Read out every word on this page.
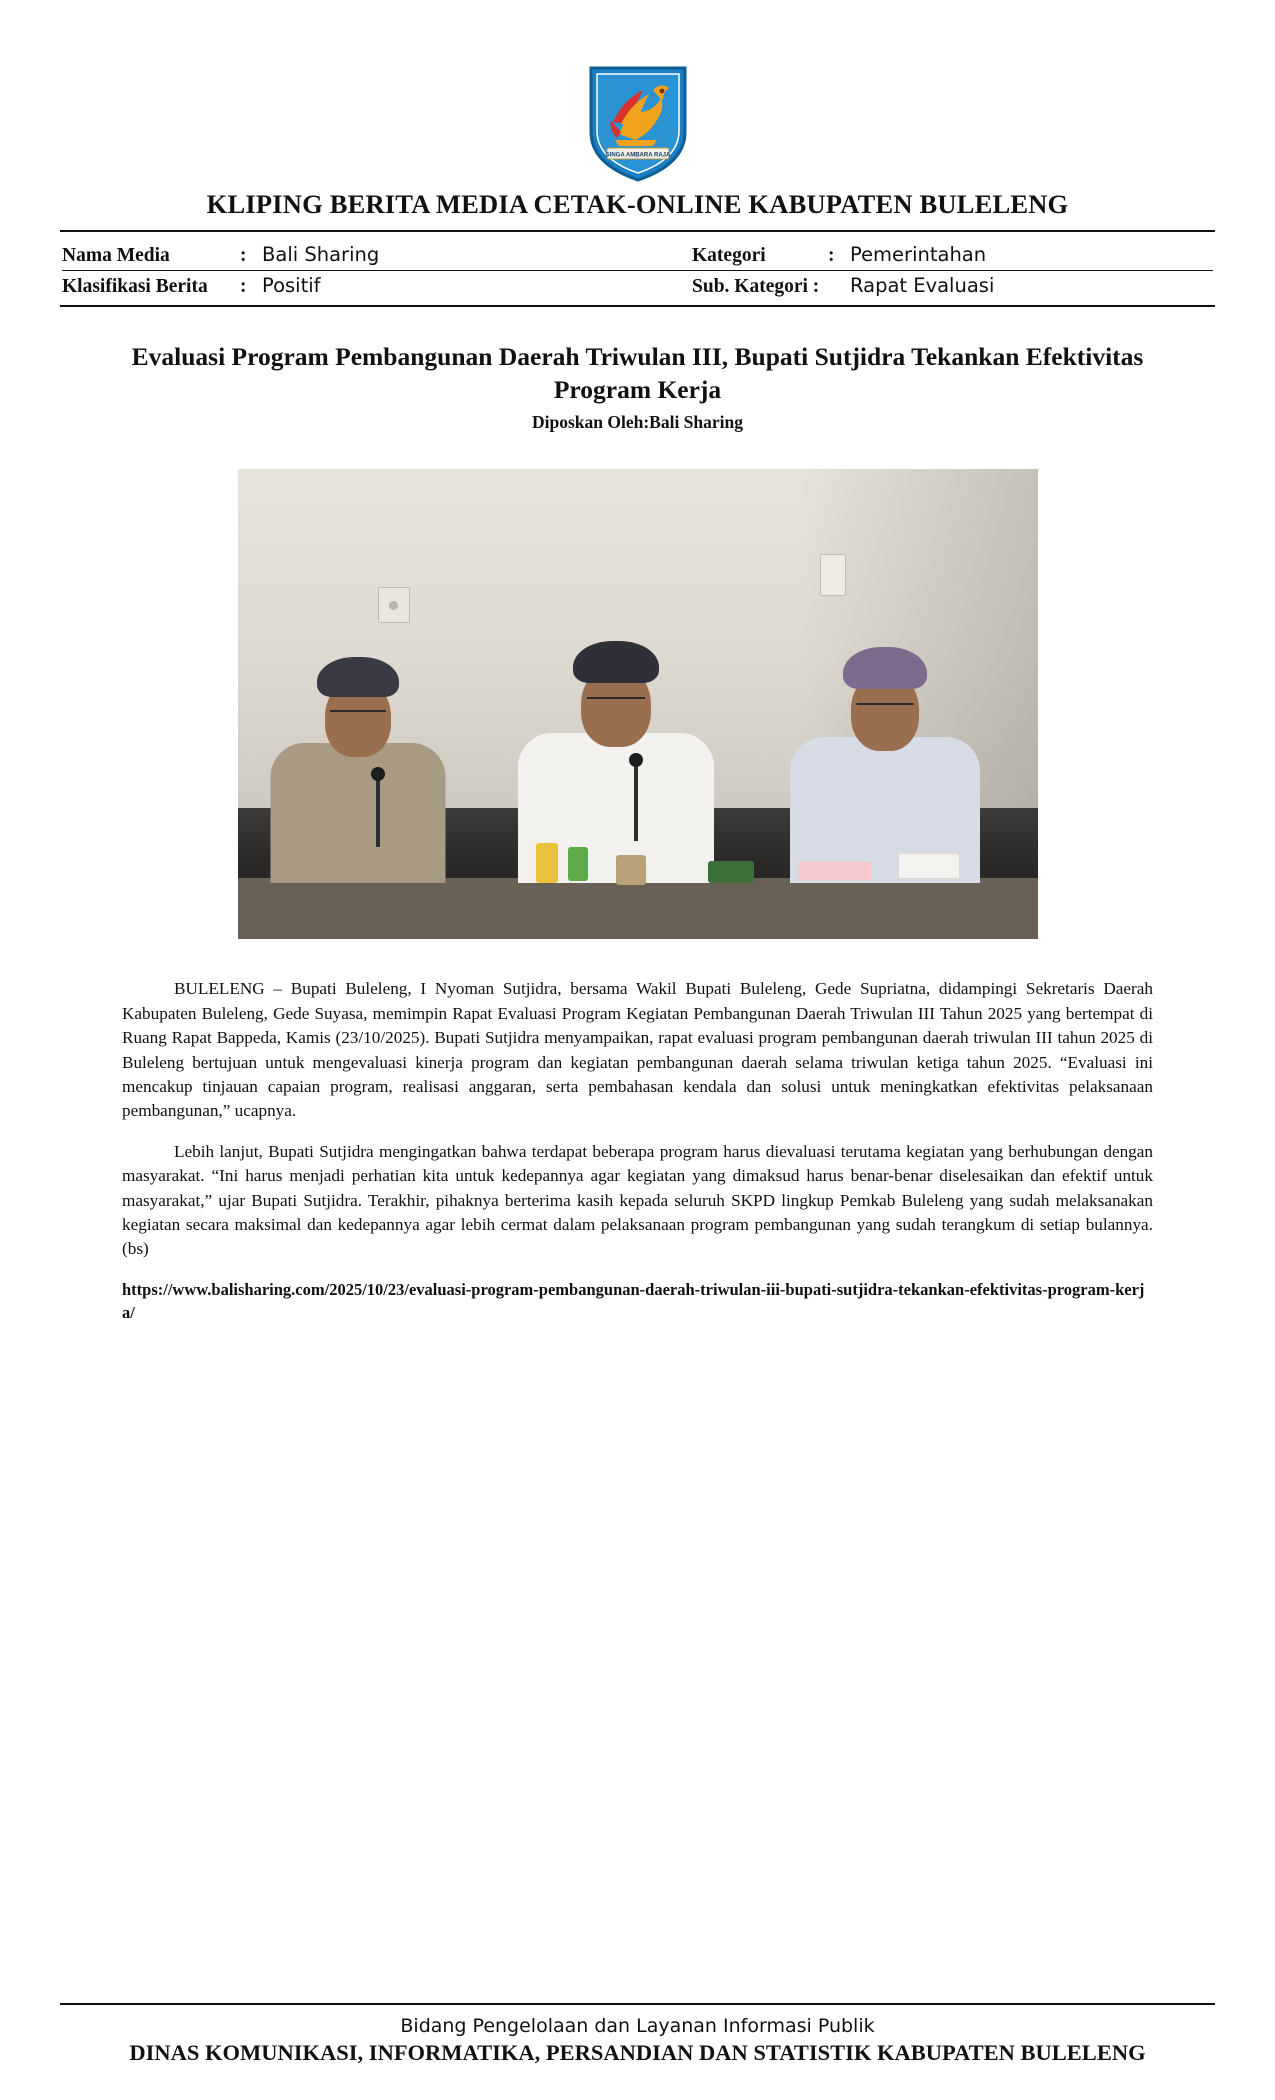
SINGA AMBARA RAJA
KLIPING BERITA MEDIA CETAK-ONLINE KABUPATEN BULELENG
Nama Media	: Bali Sharing	Kategori	: Pemerintahan
Klasifikasi Berita	: Positif	Sub. Kategori :	Rapat Evaluasi
Evaluasi Program Pembangunan Daerah Triwulan III, Bupati Sutjidra Tekankan Efektivitas Program Kerja
Diposkan Oleh:Bali Sharing

BULELENG – Bupati Buleleng, I Nyoman Sutjidra, bersama Wakil Bupati Buleleng, Gede Supriatna, didampingi Sekretaris Daerah Kabupaten Buleleng, Gede Suyasa, memimpin Rapat Evaluasi Program Kegiatan Pembangunan Daerah Triwulan III Tahun 2025 yang bertempat di Ruang Rapat Bappeda, Kamis (23/10/2025). Bupati Sutjidra menyampaikan, rapat evaluasi program pembangunan daerah triwulan III tahun 2025 di Buleleng bertujuan untuk mengevaluasi kinerja program dan kegiatan pembangunan daerah selama triwulan ketiga tahun 2025. “Evaluasi ini mencakup tinjauan capaian program, realisasi anggaran, serta pembahasan kendala dan solusi untuk meningkatkan efektivitas pelaksanaan pembangunan,” ucapnya.

Lebih lanjut, Bupati Sutjidra mengingatkan bahwa terdapat beberapa program harus dievaluasi terutama kegiatan yang berhubungan dengan masyarakat. “Ini harus menjadi perhatian kita untuk kedepannya agar kegiatan yang dimaksud harus benar-benar diselesaikan dan efektif untuk masyarakat,” ujar Bupati Sutjidra. Terakhir, pihaknya berterima kasih kepada seluruh SKPD lingkup Pemkab Buleleng yang sudah melaksanakan kegiatan secara maksimal dan kedepannya agar lebih cermat dalam pelaksanaan program pembangunan yang sudah terangkum di setiap bulannya. (bs)

https://www.balisharing.com/2025/10/23/evaluasi-program-pembangunan-daerah-triwulan-iii-bupati-sutjidra-tekankan-efektivitas-program-kerja/
Bidang Pengelolaan dan Layanan Informasi Publik
DINAS KOMUNIKASI, INFORMATIKA, PERSANDIAN DAN STATISTIK KABUPATEN BULELENG
